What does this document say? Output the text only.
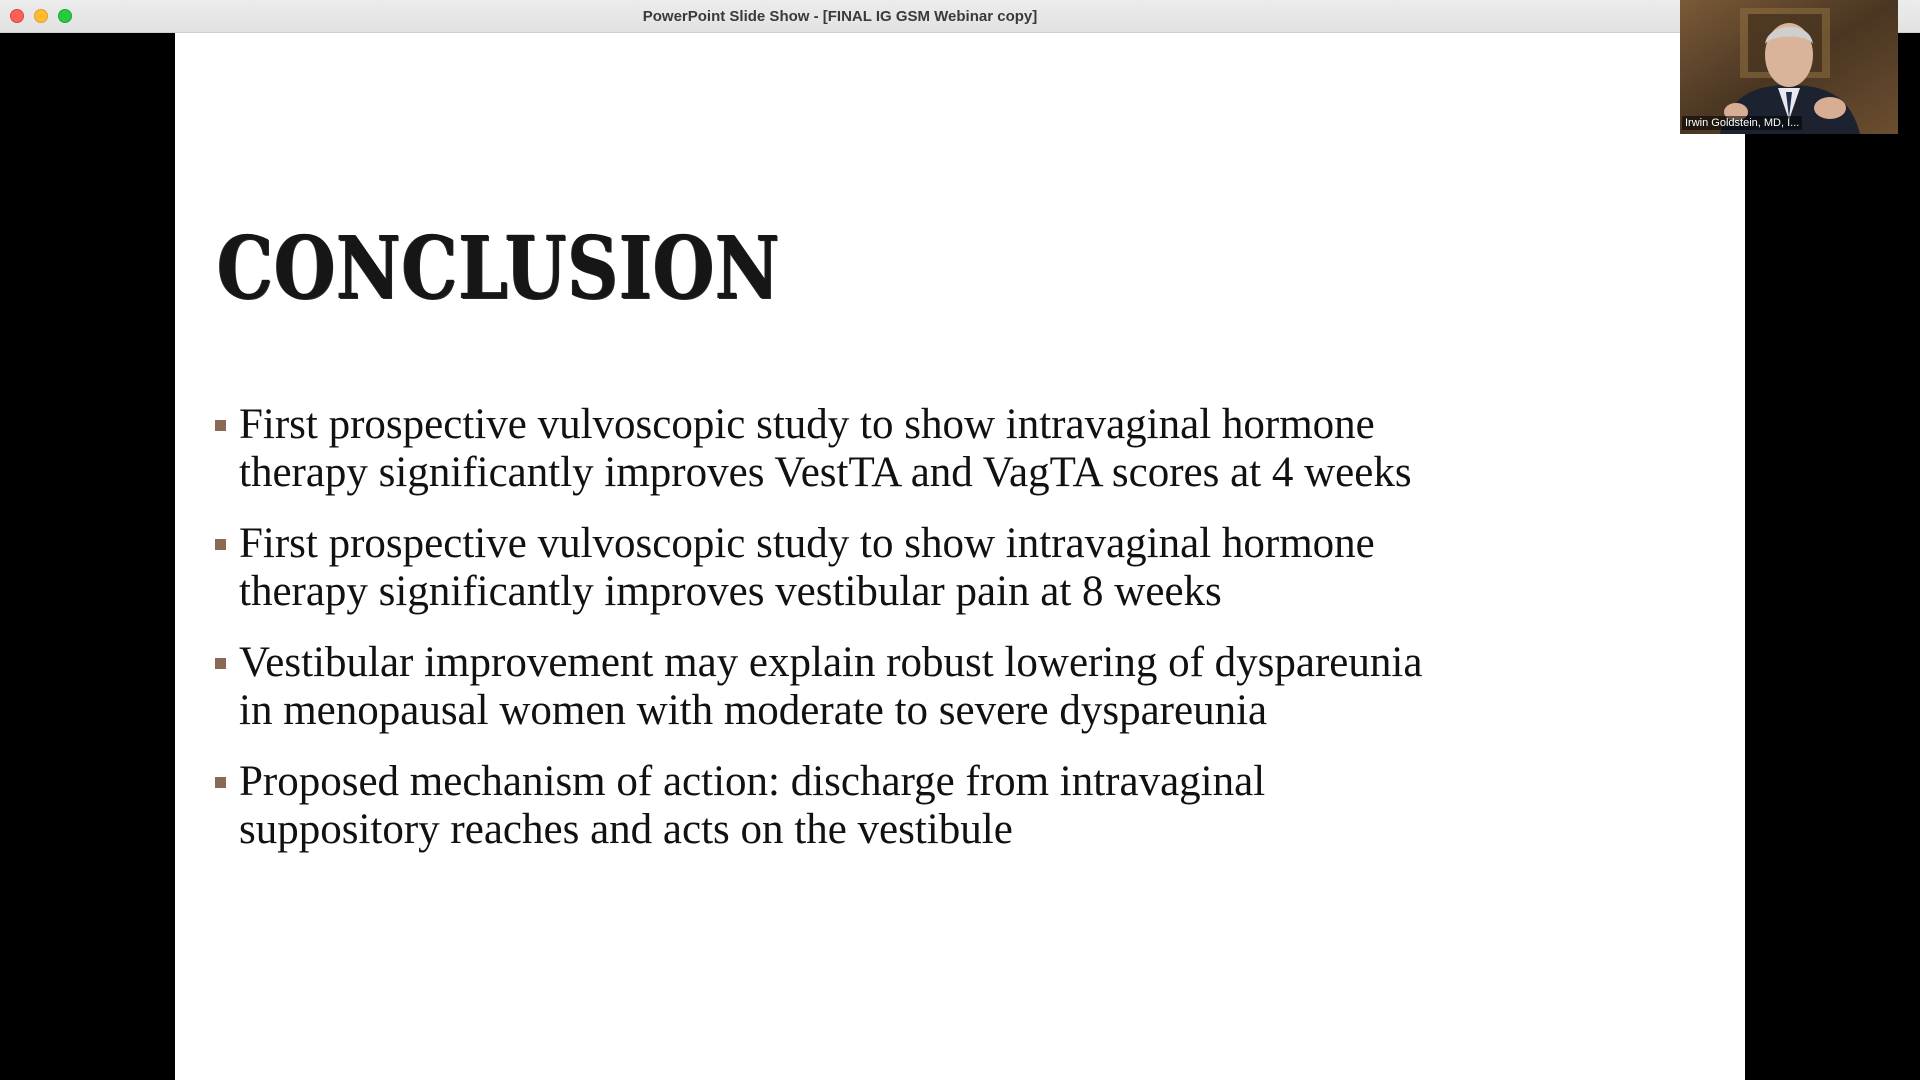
PowerPoint Slide Show - [FINAL IG GSM Webinar copy]
CONCLUSION
First prospective vulvoscopic study to show intravaginal hormone
therapy significantly improves VestTA and VagTA scores at 4 weeks
First prospective vulvoscopic study to show intravaginal hormone
therapy significantly improves vestibular pain at 8 weeks
Vestibular improvement may explain robust lowering of dyspareunia
in menopausal women with moderate to severe dyspareunia
Proposed mechanism of action: discharge from intravaginal
suppository reaches and acts on the vestibule
Irwin Goldstein, MD, I...
